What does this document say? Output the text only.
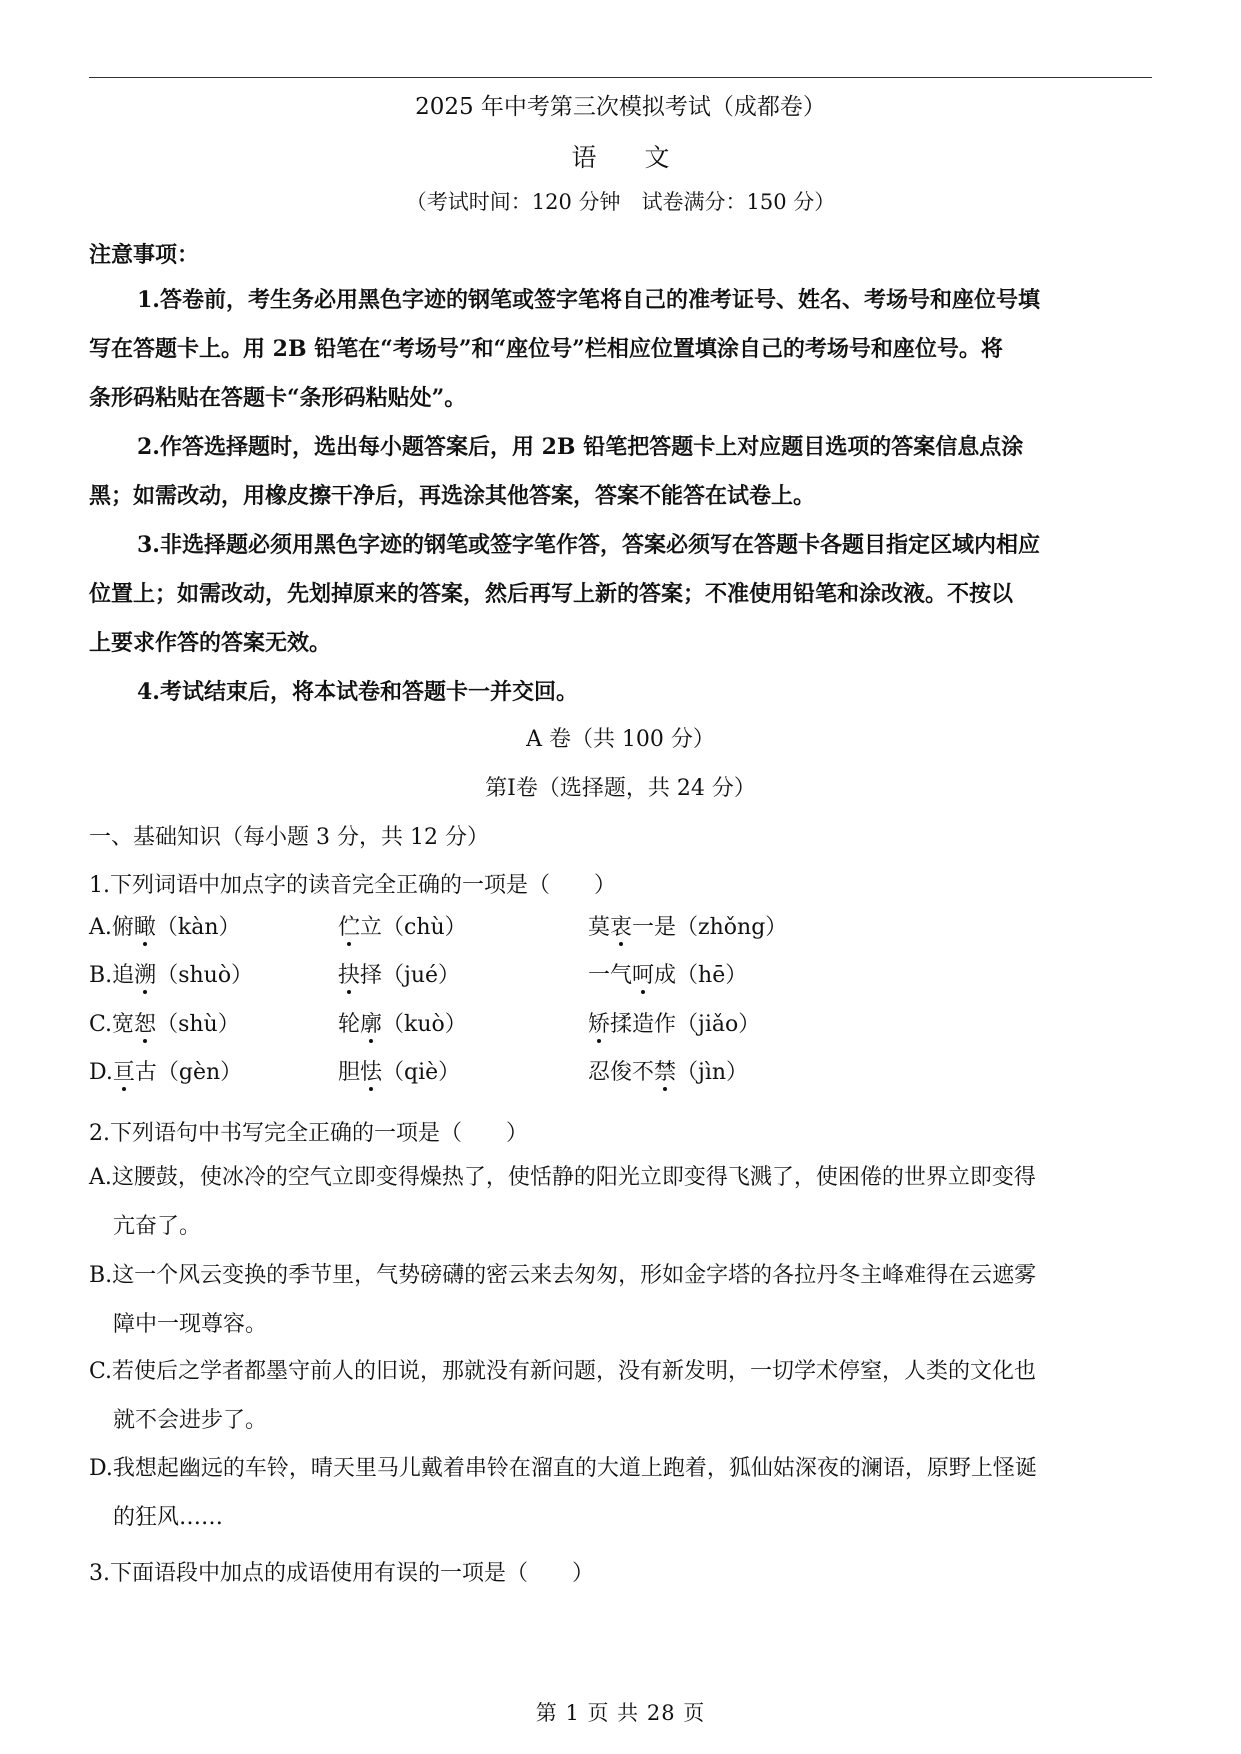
2025 年中考第三次模拟考试（成都卷）
语 文
（考试时间：120 分钟　试卷满分：150 分）
注意事项：
1.答卷前，考生务必用黑色字迹的钢笔或签字笔将自己的准考证号、姓名、考场号和座位号填
写在答题卡上。用 2B 铅笔在“考场号”和“座位号”栏相应位置填涂自己的考场号和座位号。将
条形码粘贴在答题卡“条形码粘贴处”。
2.作答选择题时，选出每小题答案后，用 2B 铅笔把答题卡上对应题目选项的答案信息点涂
黑；如需改动，用橡皮擦干净后，再选涂其他答案，答案不能答在试卷上。
3.非选择题必须用黑色字迹的钢笔或签字笔作答，答案必须写在答题卡各题目指定区域内相应
位置上；如需改动，先划掉原来的答案，然后再写上新的答案；不准使用铅笔和涂改液。不按以
上要求作答的答案无效。
4.考试结束后，将本试卷和答题卡一并交回。
A 卷（共 100 分）
第Ⅰ卷（选择题，共 24 分）
一、基础知识（每小题 3 分，共 12 分）
1.下列词语中加点字的读音完全正确的一项是（　　）
A.俯瞰（kàn）	伫立（chù）	莫衷一是（zhǒng）
B.追溯（shuò）	抉择（jué）	一气呵成（hē）
C.宽恕（shù）	轮廓（kuò）	矫揉造作（jiǎo）
D.亘古（gèn）	胆怯（qiè）	忍俊不禁（jìn）
2.下列语句中书写完全正确的一项是（　　）
A.这腰鼓，使冰冷的空气立即变得燥热了，使恬静的阳光立即变得飞溅了，使困倦的世界立即变得
亢奋了。
B.这一个风云变换的季节里，气势磅礴的密云来去匆匆，形如金字塔的各拉丹冬主峰难得在云遮雾
障中一现尊容。
C.若使后之学者都墨守前人的旧说，那就没有新问题，没有新发明，一切学术停窒，人类的文化也
就不会进步了。
D.我想起幽远的车铃，晴天里马儿戴着串铃在溜直的大道上跑着，狐仙姑深夜的澜语，原野上怪诞
的狂风……
3.下面语段中加点的成语使用有误的一项是（　　）
第 1 页 共 28 页
